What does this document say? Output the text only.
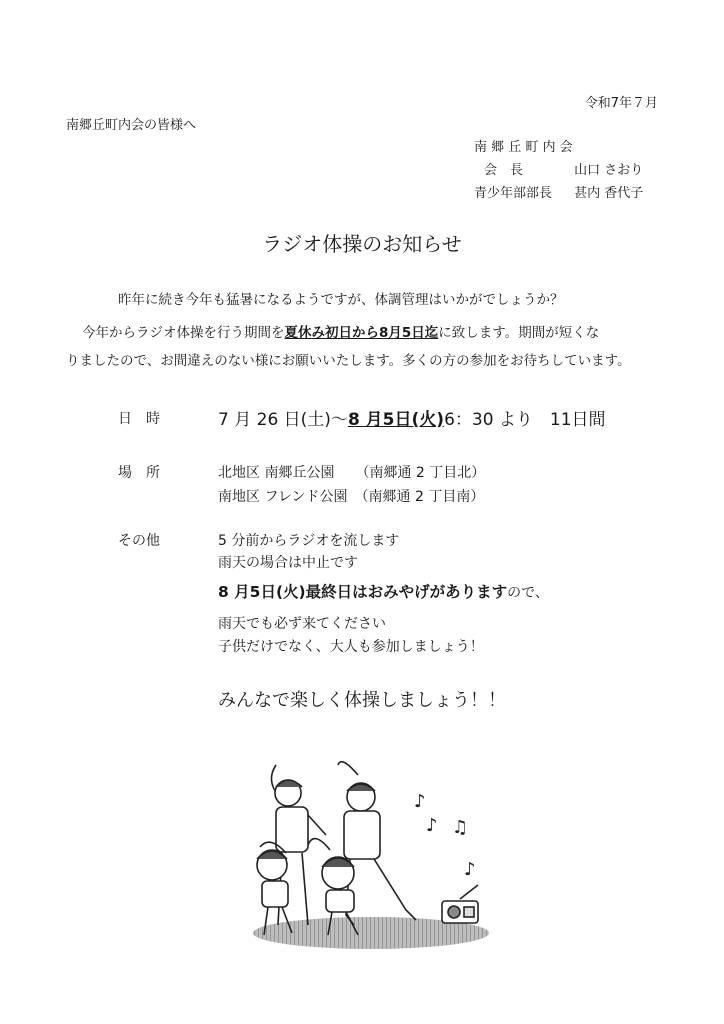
令和7年７月
南郷丘町内会の皆様へ
南 郷 丘 町 内 会
会　長	山口 さおり
青少年部部長 甚内 香代子
ラジオ体操のお知らせ
昨年に続き今年も猛暑になるようですが、体調管理はいかがでしょうか？
今年からラジオ体操を行う期間を夏休み初日から8月5日迄に致します。期間が短くな
りましたので、お間違えのない様にお願いいたします。多くの方の参加をお待ちしています。
日　時	7 月 26 日(土)～8 月5日(火)6：30 より　11日間
場　所	北地区 南郷丘公園　　（南郷通 2 丁目北）
南地区 フレンド公園　（南郷通 2 丁目南）
その他	5 分前からラジオを流します
雨天の場合は中止です
8 月5日(火)最終日はおみやげがありますので、
雨天でも必ず来てください
子供だけでなく、大人も参加しましょう！
みんなで楽しく体操しましょう！！
♪
♪ ♫
♪
